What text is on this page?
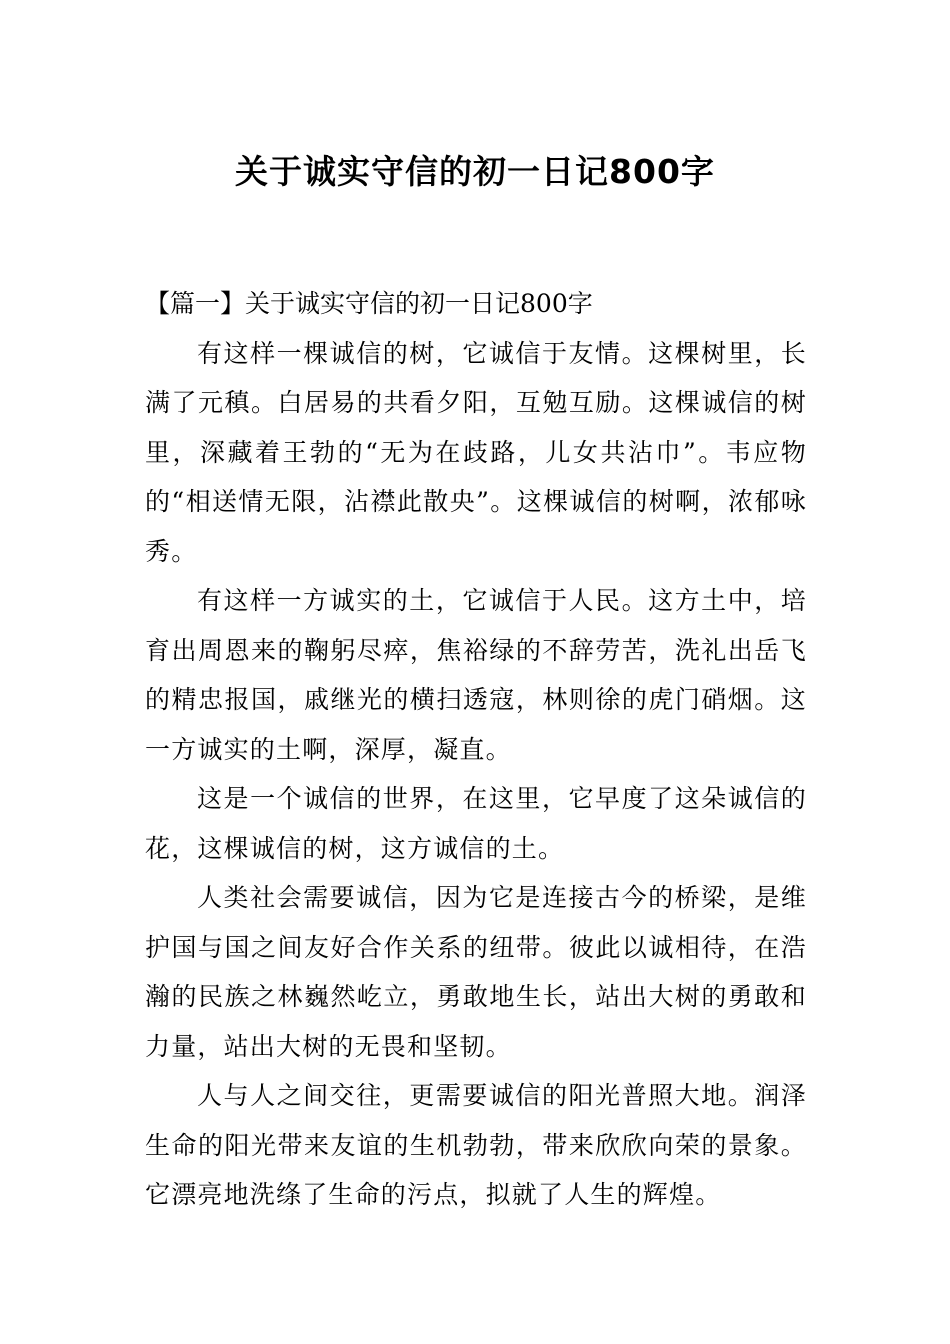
关于诚实守信的初一日记800字

【篇一】关于诚实守信的初一日记800字

有这样一棵诚信的树，它诚信于友情。这棵树里，长满了元稹。白居易的共看夕阳，互勉互励。这棵诚信的树里，深藏着王勃的“无为在歧路，儿女共沾巾”。韦应物的“相送情无限，沾襟此散央”。这棵诚信的树啊，浓郁咏秀。

有这样一方诚实的土，它诚信于人民。这方土中，培育出周恩来的鞠躬尽瘁，焦裕绿的不辞劳苦，洗礼出岳飞的精忠报国，戚继光的横扫透寇，林则徐的虎门硝烟。这一方诚实的土啊，深厚，凝直。

这是一个诚信的世界，在这里，它早度了这朵诚信的花，这棵诚信的树，这方诚信的土。

人类社会需要诚信，因为它是连接古今的桥梁，是维护国与国之间友好合作关系的纽带。彼此以诚相待，在浩瀚的民族之林巍然屹立，勇敢地生长，站出大树的勇敢和力量，站出大树的无畏和坚韧。

人与人之间交往，更需要诚信的阳光普照大地。润泽生命的阳光带来友谊的生机勃勃，带来欣欣向荣的景象。它漂亮地洗绦了生命的污点，拟就了人生的辉煌。
